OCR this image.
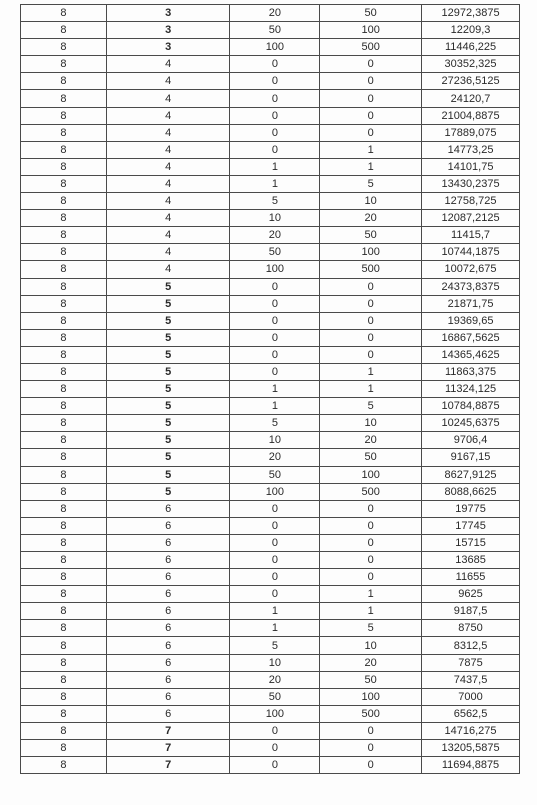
8	3	20	50	12972,3875
8	3	50	100	12209,3
8	3	100	500	11446,225
8	4	0	0	30352,325
8	4	0	0	27236,5125
8	4	0	0	24120,7
8	4	0	0	21004,8875
8	4	0	0	17889,075
8	4	0	1	14773,25
8	4	1	1	14101,75
8	4	1	5	13430,2375
8	4	5	10	12758,725
8	4	10	20	12087,2125
8	4	20	50	11415,7
8	4	50	100	10744,1875
8	4	100	500	10072,675
8	5	0	0	24373,8375
8	5	0	0	21871,75
8	5	0	0	19369,65
8	5	0	0	16867,5625
8	5	0	0	14365,4625
8	5	0	1	11863,375
8	5	1	1	11324,125
8	5	1	5	10784,8875
8	5	5	10	10245,6375
8	5	10	20	9706,4
8	5	20	50	9167,15
8	5	50	100	8627,9125
8	5	100	500	8088,6625
8	6	0	0	19775
8	6	0	0	17745
8	6	0	0	15715
8	6	0	0	13685
8	6	0	0	11655
8	6	0	1	9625
8	6	1	1	9187,5
8	6	1	5	8750
8	6	5	10	8312,5
8	6	10	20	7875
8	6	20	50	7437,5
8	6	50	100	7000
8	6	100	500	6562,5
8	7	0	0	14716,275
8	7	0	0	13205,5875
8	7	0	0	11694,8875
